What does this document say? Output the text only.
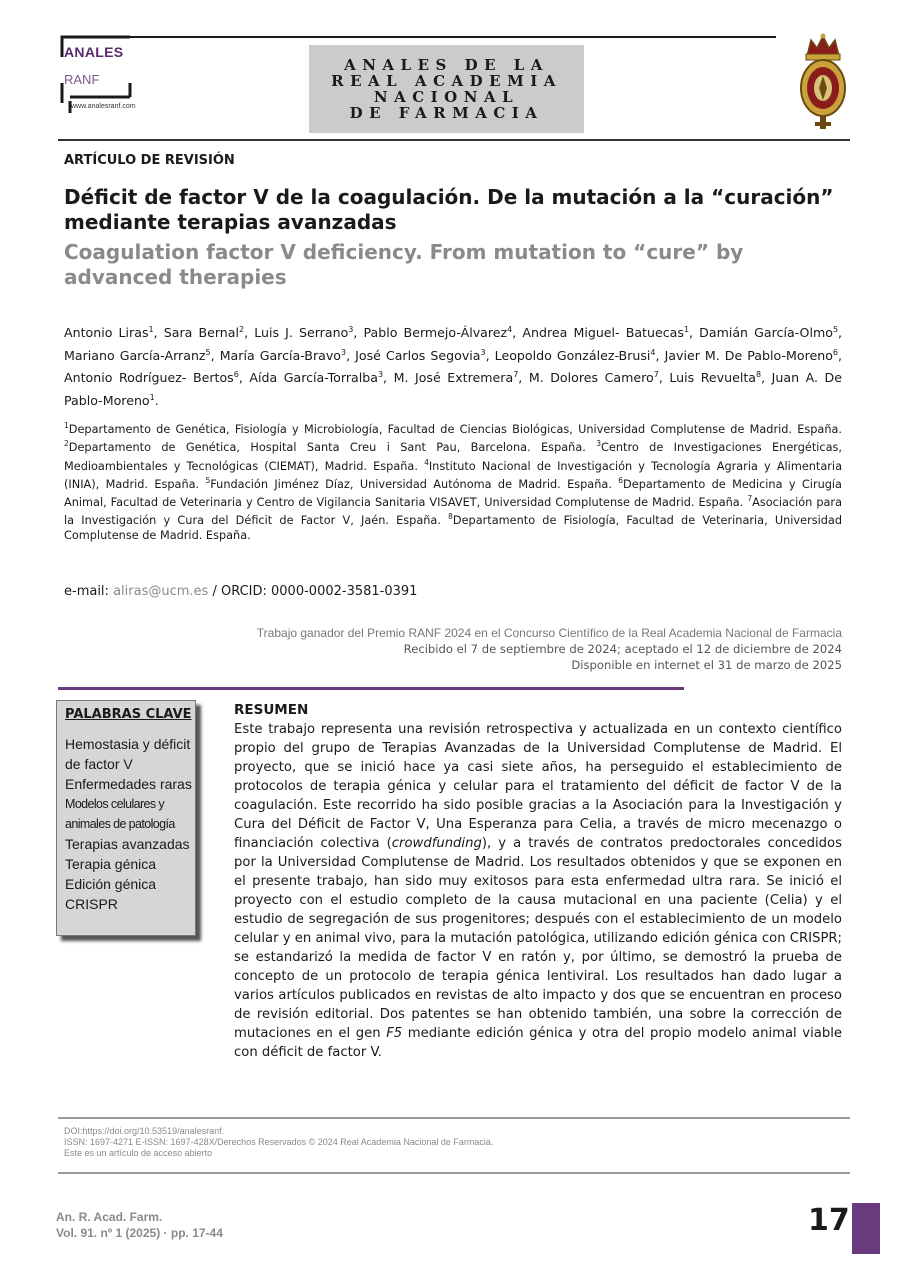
ANALES
RANF
www.analesranf.com
ANALES DE LA
REAL ACADEMIA
NACIONAL
DE FARMACIA
ARTÍCULO DE REVISIÓN
Déficit de factor V de la coagulación. De la mutación a la “curación” mediante terapias avanzadas
Coagulation factor V deficiency. From mutation to “cure” by advanced therapies
Antonio Liras$^1$, Sara Bernal$^2$, Luis J. Serrano$^3$, Pablo Bermejo-Álvarez$^4$, Andrea Miguel- Batuecas$^1$, Damián García-Olmo$^5$, Mariano García-Arranz$^5$, María García-Bravo$^3$, José Carlos Segovia$^3$, Leopoldo González-Brusi$^4$, Javier M. De Pablo-Moreno$^6$, Antonio Rodríguez- Bertos$^6$, Aída García-Torralba$^3$, M. José Extremera$^7$, M. Dolores Camero$^7$, Luis Revuelta$^8$, Juan A. De Pablo-Moreno$^1$.
$^1$Departamento de Genética, Fisiología y Microbiología, Facultad de Ciencias Biológicas, Universidad Complutense de Madrid. España. $^2$Departamento de Genética, Hospital Santa Creu i Sant Pau, Barcelona. España. $^3$Centro de Investigaciones Energéticas, Medioambientales y Tecnológicas (CIEMAT), Madrid. España. $^4$Instituto Nacional de Investigación y Tecnología Agraria y Alimentaria (INIA), Madrid. España. $^5$Fundación Jiménez Díaz, Universidad Autónoma de Madrid. España. $^6$Departamento de Medicina y Cirugía Animal, Facultad de Veterinaria y Centro de Vigilancia Sanitaria VISAVET, Universidad Complutense de Madrid. España. $^7$Asociación para la Investigación y Cura del Déficit de Factor V, Jaén. España. $^8$Departamento de Fisiología, Facultad de Veterinaria, Universidad Complutense de Madrid. España.
e-mail: aliras@ucm.es / ORCID: 0000-0002-3581-0391
Trabajo ganador del Premio RANF 2024 en el Concurso Científico de la Real Academia Nacional de Farmacia
Recibido el 7 de septiembre de 2024; aceptado el 12 de diciembre de 2024
Disponible en internet el 31 de marzo de 2025
PALABRAS CLAVE
Hemostasia y déficit de factor V
Enfermedades raras
Modelos celulares y animales de patología
Terapias avanzadas
Terapia génica
Edición génica
CRISPR
RESUMEN
Este trabajo representa una revisión retrospectiva y actualizada en un contexto científico propio del grupo de Terapias Avanzadas de la Universidad Complutense de Madrid. El proyecto, que se inició hace ya casi siete años, ha perseguido el establecimiento de protocolos de terapia génica y celular para el tratamiento del déficit de factor V de la coagulación. Este recorrido ha sido posible gracias a la Asociación para la Investigación y Cura del Déficit de Factor V, Una Esperanza para Celia, a través de micro mecenazgo o financiación colectiva (crowdfunding), y a través de contratos predoctorales concedidos por la Universidad Complutense de Madrid. Los resultados obtenidos y que se exponen en el presente trabajo, han sido muy exitosos para esta enfermedad ultra rara. Se inició el proyecto con el estudio completo de la causa mutacional en una paciente (Celia) y el estudio de segregación de sus progenitores; después con el establecimiento de un modelo celular y en animal vivo, para la mutación patológica, utilizando edición génica con CRISPR; se estandarizó la medida de factor V en ratón y, por último, se demostró la prueba de concepto de un protocolo de terapia génica lentiviral. Los resultados han dado lugar a varios artículos publicados en revistas de alto impacto y dos que se encuentran en proceso de revisión editorial. Dos patentes se han obtenido también, una sobre la corrección de mutaciones en el gen F5 mediante edición génica y otra del propio modelo animal viable con déficit de factor V.
DOI:https://doi.org/10.53519/analesranf.
ISSN: 1697-4271 E-ISSN: 1697-428X/Derechos Reservados © 2024 Real Academia Nacional de Farmacia.
Este es un artículo de acceso abierto
An. R. Acad. Farm.
Vol. 91. nº 1 (2025) · pp. 17-44	17
